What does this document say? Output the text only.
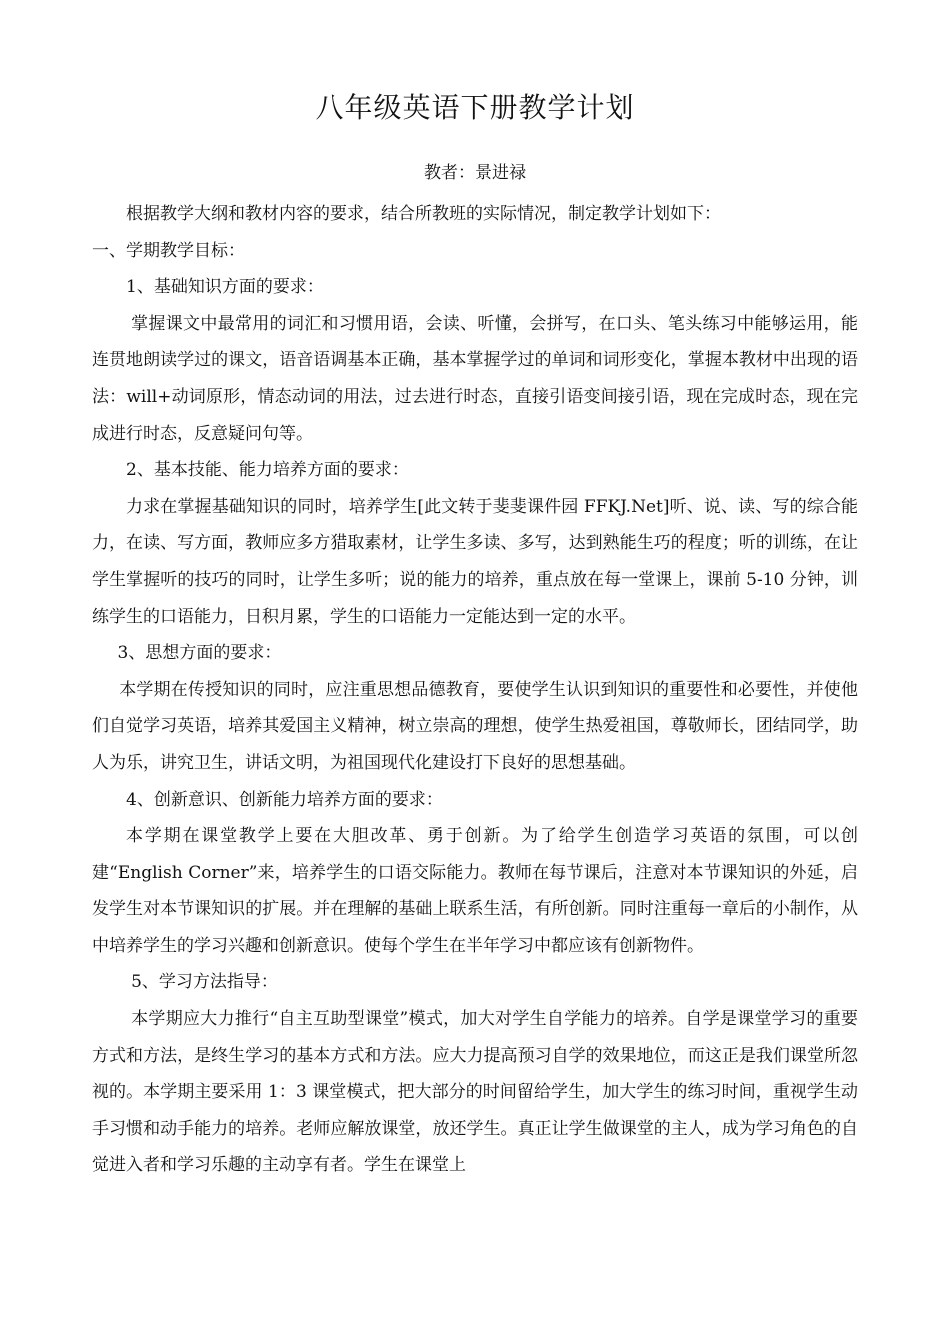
八年级英语下册教学计划
教者：景进禄

根据教学大纲和教材内容的要求，结合所教班的实际情况，制定教学计划如下：

一、学期教学目标：

1、基础知识方面的要求：

掌握课文中最常用的词汇和习惯用语，会读、听懂，会拼写，在口头、笔头练习中能够运用，能连贯地朗读学过的课文，语音语调基本正确，基本掌握学过的单词和词形变化，掌握本教材中出现的语法：will+动词原形，情态动词的用法，过去进行时态，直接引语变间接引语，现在完成时态，现在完成进行时态，反意疑问句等。

2、基本技能、能力培养方面的要求：

力求在掌握基础知识的同时，培养学生[此文转于斐斐课件园 FFKJ.Net]听、说、读、写的综合能力，在读、写方面，教师应多方猎取素材，让学生多读、多写，达到熟能生巧的程度；听的训练，在让学生掌握听的技巧的同时，让学生多听；说的能力的培养，重点放在每一堂课上，课前 5-10 分钟，训练学生的口语能力，日积月累，学生的口语能力一定能达到一定的水平。

3、思想方面的要求：

本学期在传授知识的同时，应注重思想品德教育，要使学生认识到知识的重要性和必要性，并使他们自觉学习英语，培养其爱国主义精神，树立崇高的理想，使学生热爱祖国，尊敬师长，团结同学，助人为乐，讲究卫生，讲话文明，为祖国现代化建设打下良好的思想基础。

4、创新意识、创新能力培养方面的要求：

本学期在课堂教学上要在大胆改革、勇于创新。为了给学生创造学习英语的氛围，可以创建“English Corner”来，培养学生的口语交际能力。教师在每节课后，注意对本节课知识的外延，启发学生对本节课知识的扩展。并在理解的基础上联系生活，有所创新。同时注重每一章后的小制作，从中培养学生的学习兴趣和创新意识。使每个学生在半年学习中都应该有创新物件。

5、学习方法指导：

本学期应大力推行“自主互助型课堂”模式，加大对学生自学能力的培养。自学是课堂学习的重要方式和方法，是终生学习的基本方式和方法。应大力提高预习自学的效果地位，而这正是我们课堂所忽视的。本学期主要采用 1：3 课堂模式，把大部分的时间留给学生，加大学生的练习时间，重视学生动手习惯和动手能力的培养。老师应解放课堂，放还学生。真正让学生做课堂的主人，成为学习角色的自觉进入者和学习乐趣的主动享有者。学生在课堂上
